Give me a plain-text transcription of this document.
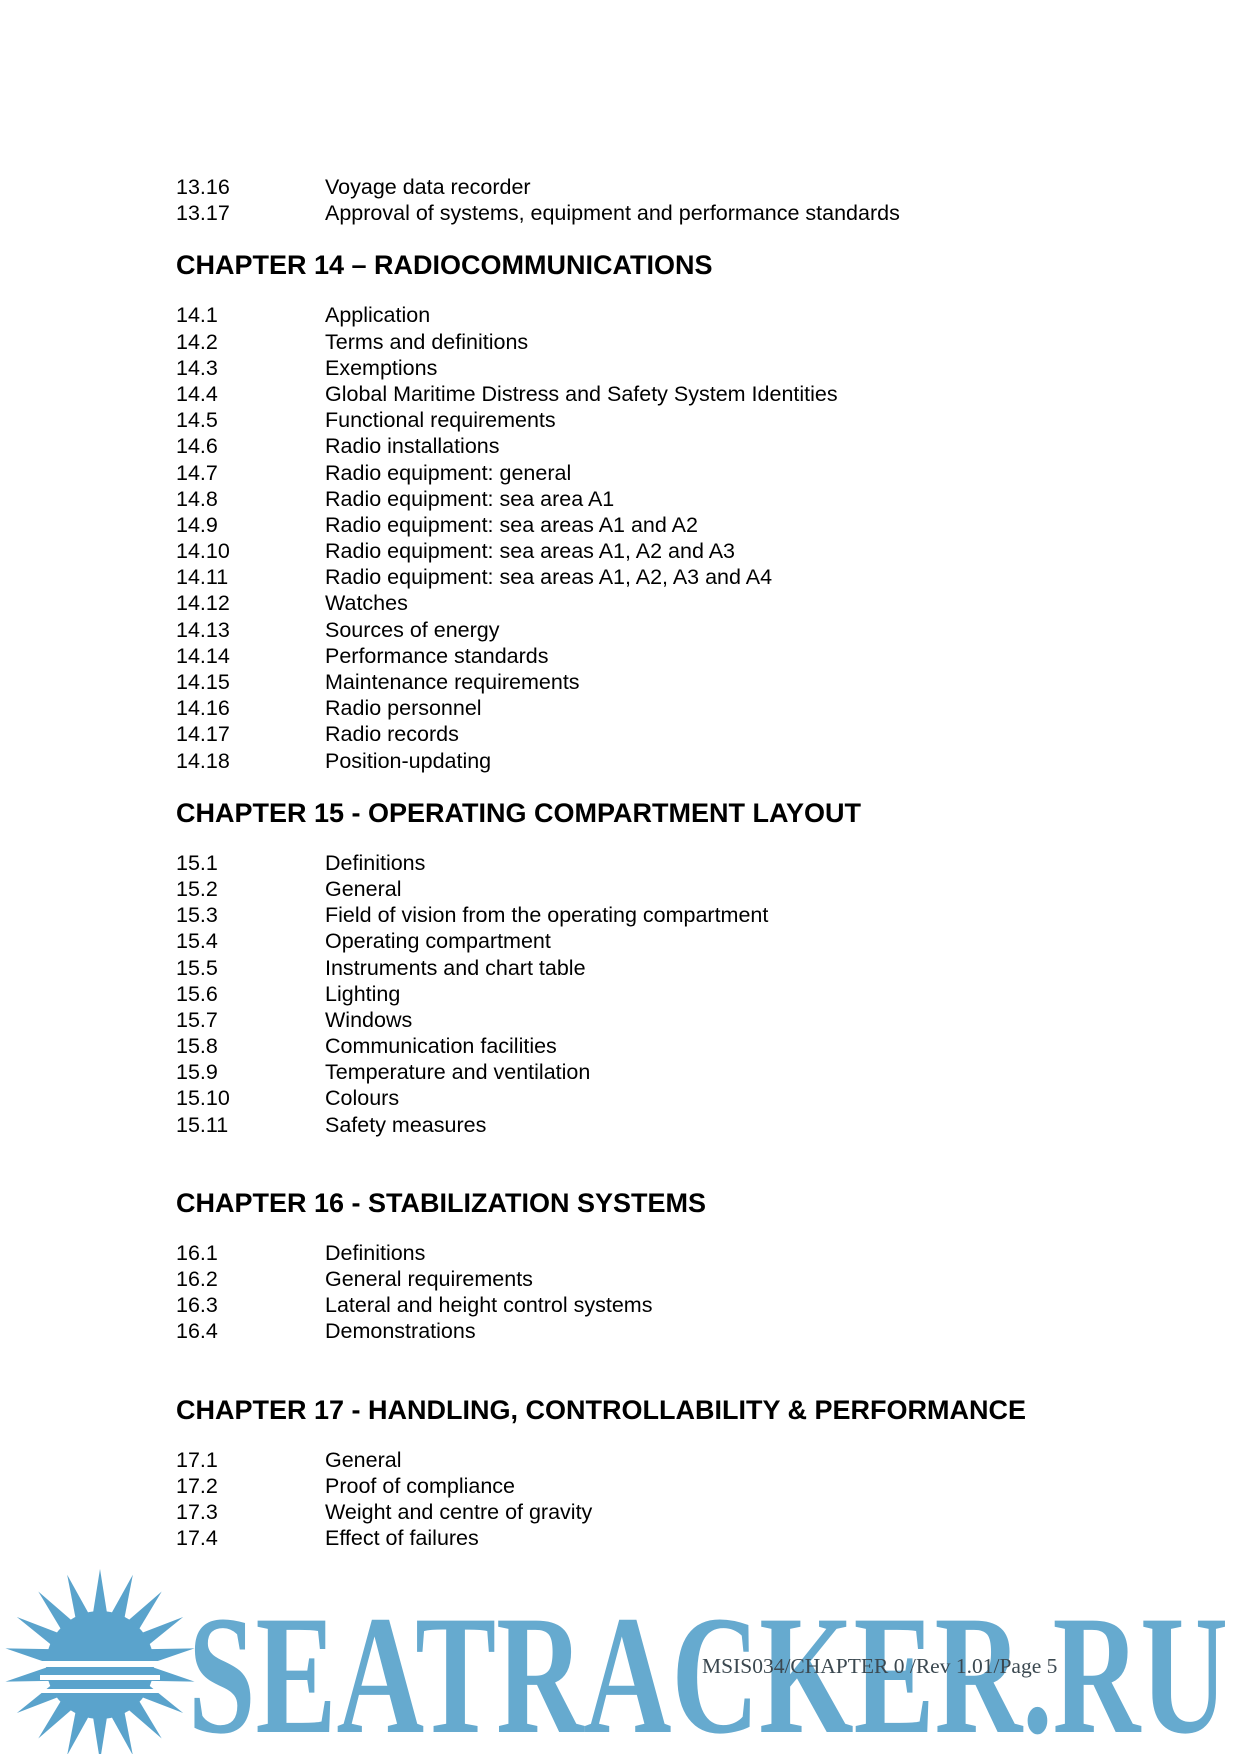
13.16	Voyage data recorder
13.17	Approval of systems, equipment and performance standards
CHAPTER 14 – RADIOCOMMUNICATIONS
14.1	Application
14.2	Terms and definitions
14.3	Exemptions
14.4	Global Maritime Distress and Safety System Identities
14.5	Functional requirements
14.6	Radio installations
14.7	Radio equipment: general
14.8	Radio equipment: sea area A1
14.9	Radio equipment: sea areas A1 and A2
14.10	Radio equipment: sea areas A1, A2 and A3
14.11	Radio equipment: sea areas A1, A2, A3 and A4
14.12	Watches
14.13	Sources of energy
14.14	Performance standards
14.15	Maintenance requirements
14.16	Radio personnel
14.17	Radio records
14.18	Position-updating
CHAPTER 15 - OPERATING COMPARTMENT LAYOUT
15.1	Definitions
15.2	General
15.3	Field of vision from the operating compartment
15.4	Operating compartment
15.5	Instruments and chart table
15.6	Lighting
15.7	Windows
15.8	Communication facilities
15.9	Temperature and ventilation
15.10	Colours
15.11	Safety measures
CHAPTER 16 - STABILIZATION SYSTEMS
16.1	Definitions
16.2	General requirements
16.3	Lateral and height control systems
16.4	Demonstrations
CHAPTER 17 - HANDLING, CONTROLLABILITY & PERFORMANCE
17.1	General
17.2	Proof of compliance
17.3	Weight and centre of gravity
17.4	Effect of failures
SEATRACKER.RU
MSIS034/CHAPTER 0 /Rev 1.01/Page 5
